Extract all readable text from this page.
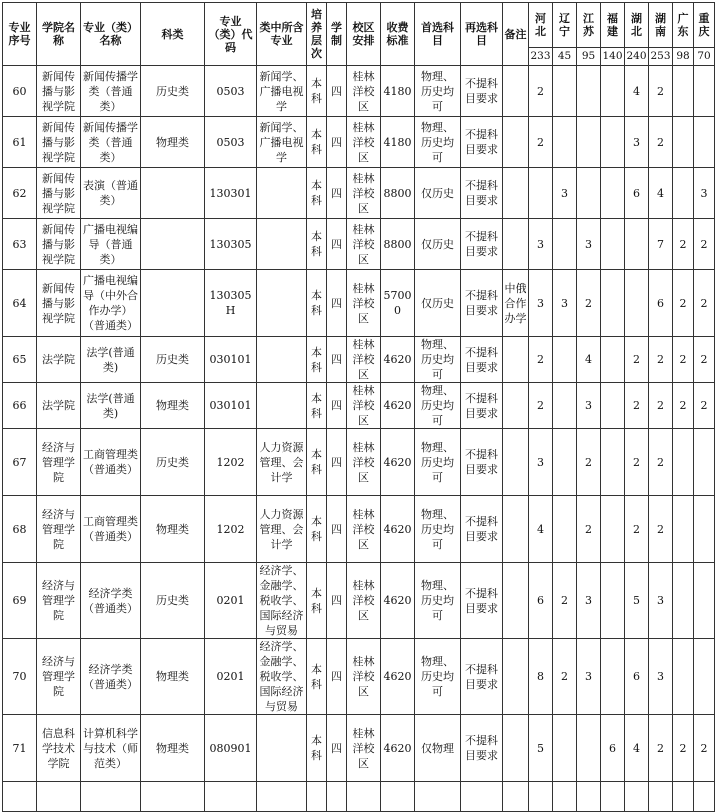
专业序号	学院名称	专业（类）名称	科类	专业（类）代码	类中所含专业	培养层次	学制	校区安排	收费标准	首选科目	再选科目	备注	河北	辽宁	江苏	福建	湖北	湖南	广东	重庆
													233	45	95	140	240	253	98	70
60	新闻传播与影视学院	新闻传播学类（普通类）	历史类	0503	新闻学、广播电视学	本科	四	桂林洋校区	4180	物理、历史均可	不提科目要求		2				4	2		
61	新闻传播与影视学院	新闻传播学类（普通类）	物理类	0503	新闻学、广播电视学	本科	四	桂林洋校区	4180	物理、历史均可	不提科目要求		2				3	2		
62	新闻传播与影视学院	表演（普通类）		130301		本科	四	桂林洋校区	8800	仅历史	不提科目要求			3			6	4		3
63	新闻传播与影视学院	广播电视编导（普通类）		130305		本科	四	桂林洋校区	8800	仅历史	不提科目要求		3		3			7	2	2
64	新闻传播与影视学院	广播电视编导（中外合作办学）（普通类）		130305H		本科	四	桂林洋校区	57000	仅历史	不提科目要求	中俄合作办学	3	3	2			6	2	2
65	法学院	法学(普通类)	历史类	030101		本科	四	桂林洋校区	4620	物理、历史均可	不提科目要求		2		4		2	2	2	2
66	法学院	法学(普通类)	物理类	030101		本科	四	桂林洋校区	4620	物理、历史均可	不提科目要求		2		3		2	2	2	2
67	经济与管理学院	工商管理类（普通类）	历史类	1202	人力资源管理、会计学	本科	四	桂林洋校区	4620	物理、历史均可	不提科目要求		3		2		2	2		
68	经济与管理学院	工商管理类（普通类）	物理类	1202	人力资源管理、会计学	本科	四	桂林洋校区	4620	物理、历史均可	不提科目要求		4		2		2	2		
69	经济与管理学院	经济学类（普通类）	历史类	0201	经济学、金融学、税收学、国际经济与贸易	本科	四	桂林洋校区	4620	物理、历史均可	不提科目要求		6	2	3		5	3		
70	经济与管理学院	经济学类（普通类）	物理类	0201	经济学、金融学、税收学、国际经济与贸易	本科	四	桂林洋校区	4620	物理、历史均可	不提科目要求		8	2	3		6	3		
71	信息科学技术学院	计算机科学与技术（师范类）	物理类	080901		本科	四	桂林洋校区	4620	仅物理	不提科目要求		5			6	4	2	2	2
